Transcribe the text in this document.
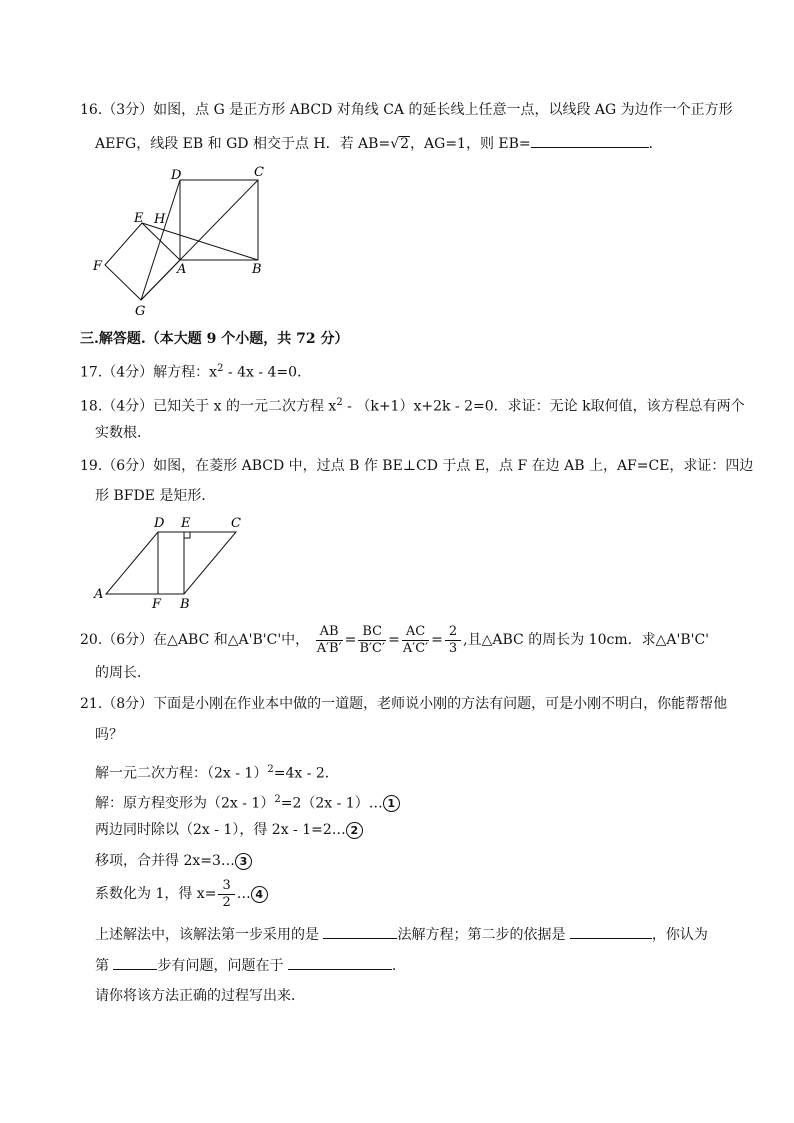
16.（3分）如图，点 G 是正方形 ABCD 对角线 CA 的延长线上任意一点，以线段 AG 为边作一个正方形
AEFG，线段 EB 和 GD 相交于点 H．若 AB=√2，AG=1，则 EB=	．
D	C
E H
F	A	B
G
三.解答题.（本大题 9 个小题，共 72 分）
17.（4分）解方程：$x^2 - 4x - 4=0$．
18.（4分）已知关于 x 的一元二次方程 $x^2 - (k+1)x+2k - 2=0$．求证：无论 k取何值，该方程总有两个
实数根．
19.（6分）如图，在菱形 ABCD 中，过点 B 作 BE⊥CD 于点 E，点 F 在边 AB 上，AF=CE，求证：四边
形 BFDE 是矩形．
D E	C
A
F B
20.（6分）在△ABC 和△A'B'C'中， $\frac{AB}{A'B'} = \frac{BC}{B'C'} = \frac{AC}{A'C'} = \frac{2}{3}$ ,且△ABC 的周长为 10cm．求△A'B'C'
的周长．
21.（8分）下面是小刚在作业本中做的一道题，老师说小刚的方法有问题，可是小刚不明白，你能帮帮他
吗？
解一元二次方程：（2x - 1）$^2$=4x - 2．
解：原方程变形为（2x - 1）$^2$=2（2x - 1）… 1
两边同时除以（2x - 1），得 2x - 1=2… 2
移项，合并得 2x=3… 3
系数化为 1，得 $x= \frac{3}{2}$ … 4
上述解法中，该解法第一步采用的是	法解方程；第二步的依据是	，你认为
第	步有问题，问题在于	．
请你将该方法正确的过程写出来．
